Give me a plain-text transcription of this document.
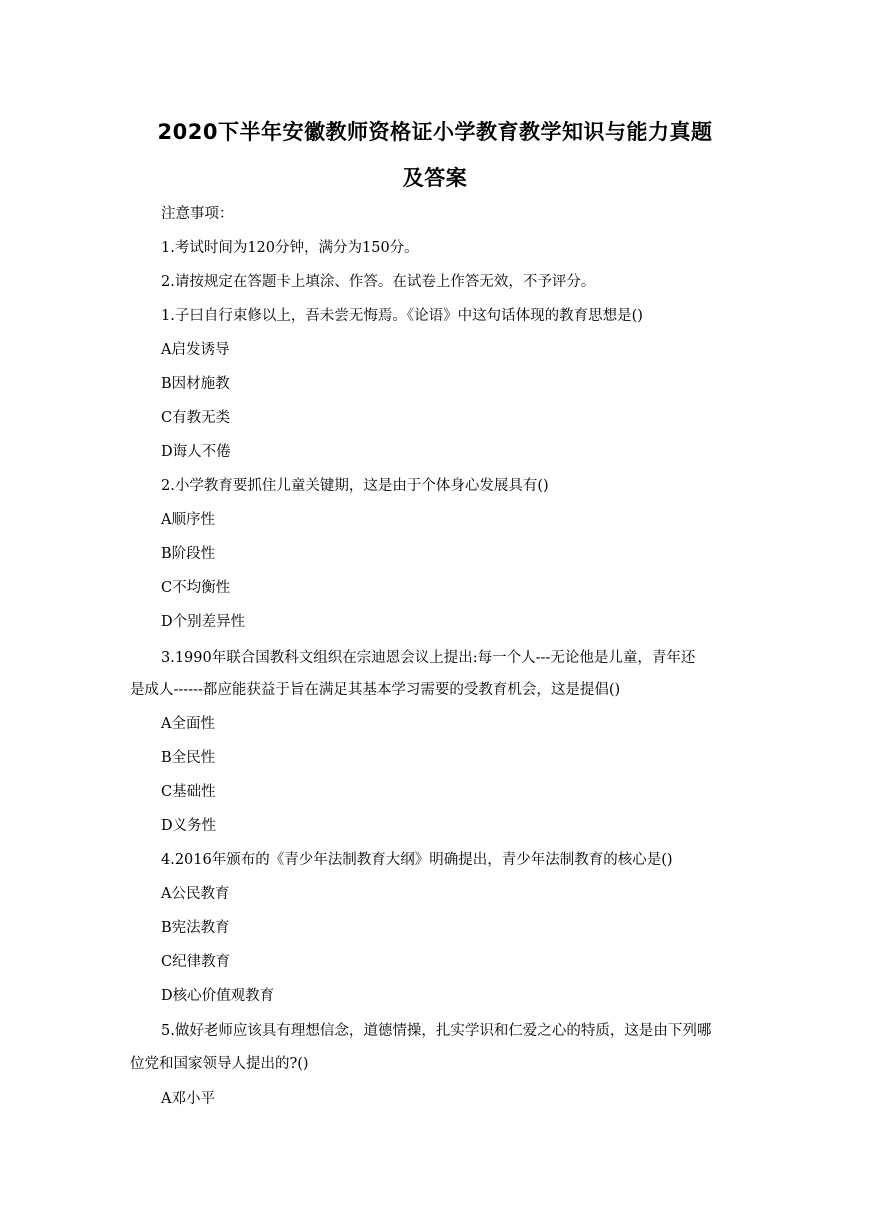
2020下半年安徽教师资格证小学教育教学知识与能力真题
及答案
注意事项：
1.考试时间为120分钟，满分为150分。
2.请按规定在答题卡上填涂、作答。在试卷上作答无效，不予评分。
1.子曰自行束修以上，吾未尝无悔焉。《论语》中这句话体现的教育思想是()
A启发诱导
B因材施教
C有教无类
D诲人不倦
2.小学教育要抓住儿童关键期，这是由于个体身心发展具有()
A顺序性
B阶段性
C不均衡性
D个别差异性
3.1990年联合国教科文组织在宗迪恩会议上提出:每一个人---无论他是儿童，青年还
是成人------都应能获益于旨在满足其基本学习需要的受教育机会，这是提倡()
A全面性
B全民性
C基础性
D义务性
4.2016年颁布的《青少年法制教育大纲》明确提出，青少年法制教育的核心是()
A公民教育
B宪法教育
C纪律教育
D核心价值观教育
5.做好老师应该具有理想信念，道德情操，扎实学识和仁爱之心的特质，这是由下列哪
位党和国家领导人提出的?()
A邓小平
